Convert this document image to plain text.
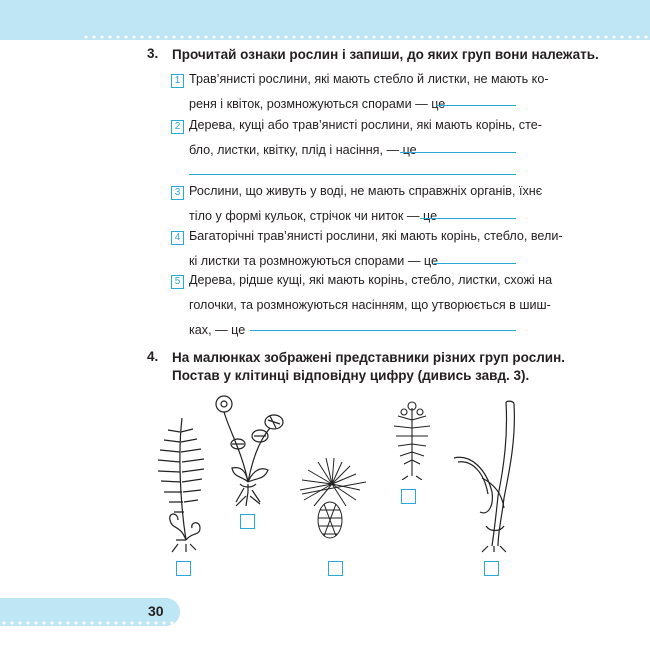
3. Прочитай ознаки рослин і запиши, до яких груп вони належать.
1 Трав’янисті рослини, які мають стебло й листки, не мають ко-
реня і квіток, розмножуються спорами — це
2 Дерева, кущі або трав’янисті рослини, які мають корінь, сте-
бло, листки, квітку, плід і насіння, — це
3 Рослини, що живуть у воді, не мають справжніх органів, їхнє
тіло у формі кульок, стрічок чи ниток — це
4 Багаторічні трав’янисті рослини, які мають корінь, стебло, вели-
кі листки та розмножуються спорами — це
5 Дерева, рідше кущі, які мають корінь, стебло, листки, схожі на
голочки, та розмножуються насінням, що утворюється в шиш-
ках, — це
4. На малюнках зображені представники різних груп рослин.
Постав у клітинці відповідну цифру (дивись завд. 3).
30
